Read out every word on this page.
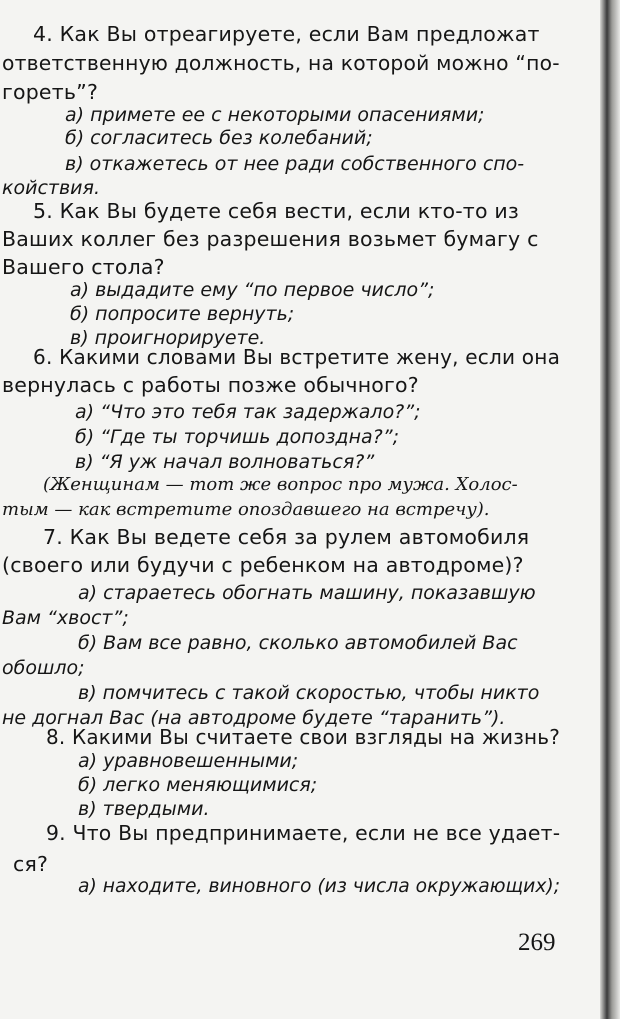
4. Как Вы отреагируете, если Вам предложат
ответственную должность, на которой можно “по-
гореть”?
а) примете ее с некоторыми опасениями;
б) согласитесь без колебаний;
в) откажетесь от нее ради собственного спо-
койствия.
5. Как Вы будете себя вести, если кто-то из
Ваших коллег без разрешения возьмет бумагу с
Вашего стола?
а) выдадите ему “по первое число”;
б) попросите вернуть;
в) проигнорируете.
6. Какими словами Вы встретите жену, если она
вернулась с работы позже обычного?
а) “Что это тебя так задержало?”;
б) “Где ты торчишь допоздна?”;
в) “Я уж начал волноваться?”
(Женщинам — тот же вопрос про мужа. Холос-
тым — как встретите опоздавшего на встречу).
7. Как Вы ведете себя за рулем автомобиля
(своего или будучи с ребенком на автодроме)?
а) стараетесь обогнать машину, показавшую
Вам “хвост”;
б) Вам все равно, сколько автомобилей Вас
обошло;
в) помчитесь с такой скоростью, чтобы никто
не догнал Вас (на автодроме будете “таранить”).
8. Какими Вы считаете свои взгляды на жизнь?
а) уравновешенными;
б) легко меняющимися;
в) твердыми.
9. Что Вы предпринимаете, если не все удает-
ся?
а) находите, виновного (из числа окружающих);
269
